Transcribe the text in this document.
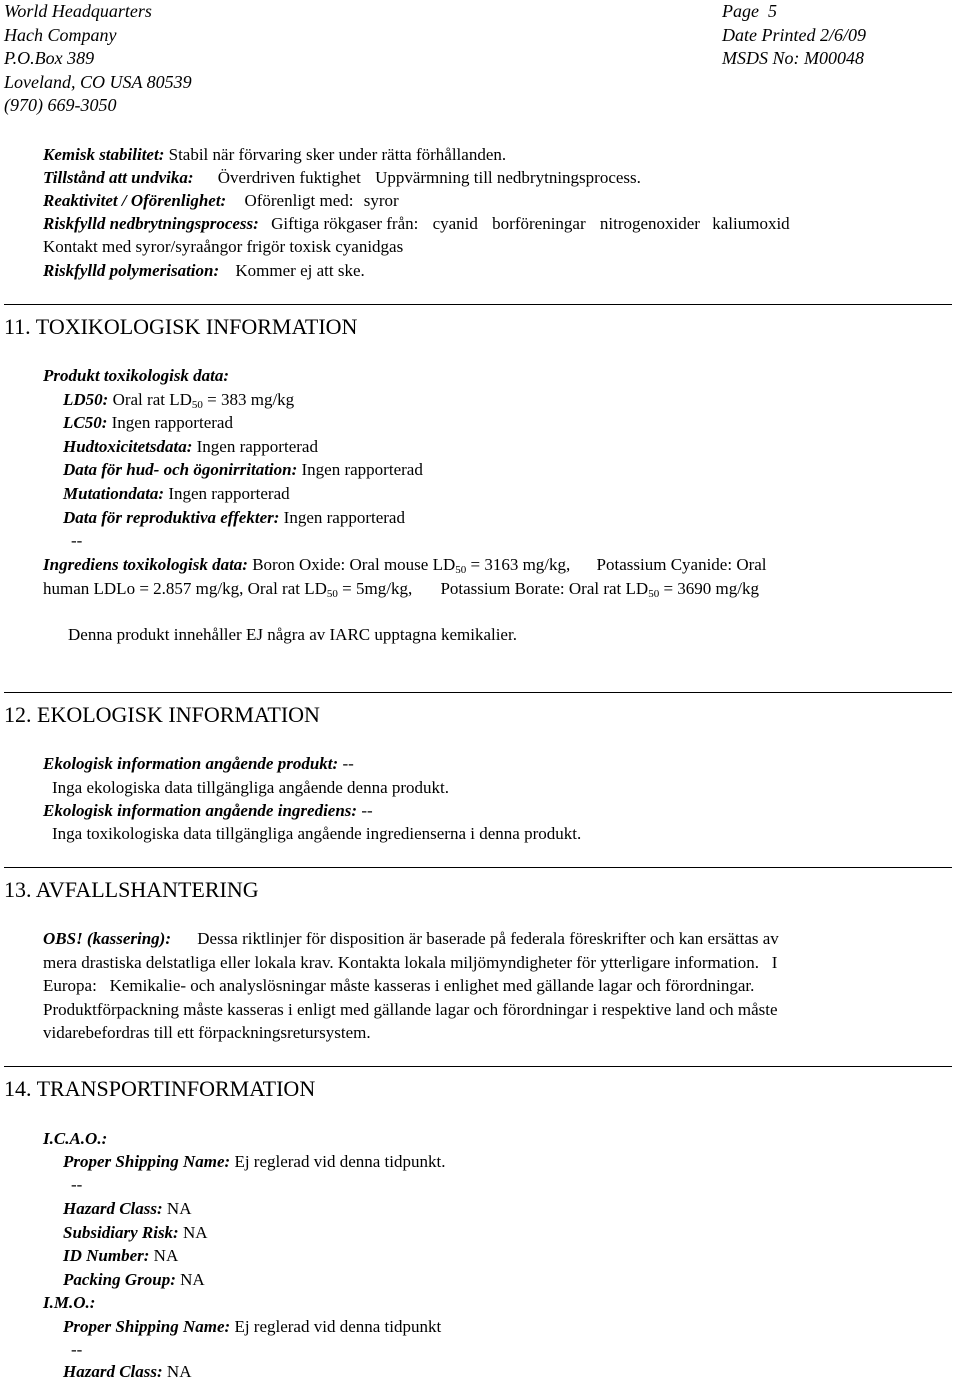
World Headquarters
Hach Company
P.O.Box 389
Loveland, CO USA 80539
(970) 669-3050
Page  5
Date Printed 2/6/09
MSDS No: M00048
Kemisk stabilitet: Stabil när förvaring sker under rätta förhållanden.
Tillstånd att undvika: Överdriven fuktighet Uppvärmning till nedbrytningsprocess.
Reaktivitet / Oförenlighet: Oförenligt med: syror
Riskfylld nedbrytningsprocess: Giftiga rökgaser från: cyanid borföreningar nitrogenoxider kaliumoxid
Kontakt med syror/syraångor frigör toxisk cyanidgas
Riskfylld polymerisation: Kommer ej att ske.
11. TOXIKOLOGISK INFORMATION
Produkt toxikologisk data:
LD50: Oral rat $LD_{50} = 383$ mg/kg
LC50: Ingen rapporterad
Hudtoxicitetsdata: Ingen rapporterad
Data för hud- och ögonirritation: Ingen rapporterad
Mutationdata: Ingen rapporterad
Data för reproduktiva effekter: Ingen rapporterad
--
Ingrediens toxikologisk data: Boron Oxide: Oral mouse $LD_{50} = 3163$ mg/kg, Potassium Cyanide: Oral
human LDLo = 2.857 mg/kg, Oral rat $LD_{50} = 5mg/kg$, Potassium Borate: Oral rat $LD_{50} = 3690$ mg/kg
Denna produkt innehåller EJ några av IARC upptagna kemikalier.
12. EKOLOGISK INFORMATION
Ekologisk information angående produkt: --
Inga ekologiska data tillgängliga angående denna produkt.
Ekologisk information angående ingrediens: --
Inga toxikologiska data tillgängliga angående ingredienserna i denna produkt.
13. AVFALLSHANTERING
OBS! (kassering): Dessa riktlinjer för disposition är baserade på federala föreskrifter och kan ersättas av
mera drastiska delstatliga eller lokala krav. Kontakta lokala miljömyndigheter för ytterligare information.   I
Europa:   Kemikalie- och analyslösningar måste kasseras i enlighet med gällande lagar och förordningar.
Produktförpackning måste kasseras i enligt med gällande lagar och förordningar i respektive land och måste
vidarebefordras till ett förpackningsretursystem.
14. TRANSPORTINFORMATION
I.C.A.O.:
Proper Shipping Name: Ej reglerad vid denna tidpunkt.
--
Hazard Class: NA
Subsidiary Risk: NA
ID Number: NA
Packing Group: NA
I.M.O.:
Proper Shipping Name: Ej reglerad vid denna tidpunkt
--
Hazard Class: NA
